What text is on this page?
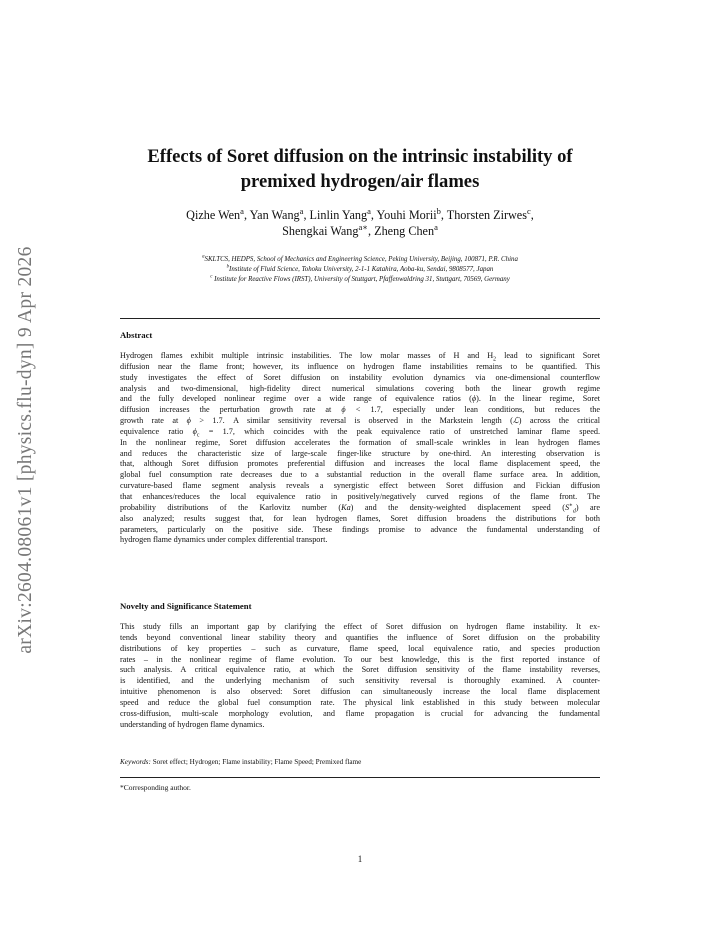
arXiv:2604.08061v1 [physics.flu-dyn] 9 Apr 2026
Effects of Soret diffusion on the intrinsic instability of
premixed hydrogen/air flames
Qizhe Wen$^a$, Yan Wang$^a$, Linlin Yang$^a$, Youhi Morii$^b$, Thorsten Zirwes$^c$,
Shengkai Wang$^{a∗}$, Zheng Chen$^a$
$^a$SKLTCS, HEDPS, School of Mechanics and Engineering Science, Peking University, Beijing, 100871, P.R. China
$^b$Institute of Fluid Science, Tohoku University, 2-1-1 Katahira, Aoba-ku, Sendai, 9808577, Japan
$^c$ Institute for Reactive Flows (IRST), University of Stuttgart, Pfaffenwaldring 31, Stuttgart, 70569, Germany
Abstract
Hydrogen flames exhibit multiple intrinsic instabilities. The low molar masses of H and $H_2$ lead to significant Soret
diffusion near the flame front; however, its influence on hydrogen flame instabilities remains to be quantified. This
study investigates the effect of Soret diffusion on instability evolution dynamics via one-dimensional counterflow
analysis and two-dimensional, high-fidelity direct numerical simulations covering both the linear growth regime
and the fully developed nonlinear regime over a wide range of equivalence ratios (ϕ). In the linear regime, Soret
diffusion increases the perturbation growth rate at ϕ < 1.7, especially under lean conditions, but reduces the
growth rate at ϕ > 1.7. A similar sensitivity reversal is observed in the Markstein length (ℒ) across the critical
equivalence ratio $\phi_c = 1.7$, which coincides with the peak equivalence ratio of unstretched laminar flame speed.
In the nonlinear regime, Soret diffusion accelerates the formation of small-scale wrinkles in lean hydrogen flames
and reduces the characteristic size of large-scale finger-like structure by one-third. An interesting observation is
that, although Soret diffusion promotes preferential diffusion and increases the local flame displacement speed, the
global fuel consumption rate decreases due to a substantial reduction in the overall flame surface area. In addition,
curvature-based flame segment analysis reveals a synergistic effect between Soret diffusion and Fickian diffusion
that enhances/reduces the local equivalence ratio in positively/negatively curved regions of the flame front. The
probability distributions of the Karlovitz number (Ka) and the density-weighted displacement speed $(S^∗_d)$ are
also analyzed; results suggest that, for lean hydrogen flames, Soret diffusion broadens the distributions for both
parameters, particularly on the positive side. These findings promise to advance the fundamental understanding of
hydrogen flame dynamics under complex differential transport.
Novelty and Significance Statement
This study fills an important gap by clarifying the effect of Soret diffusion on hydrogen flame instability. It ex-
tends beyond conventional linear stability theory and quantifies the influence of Soret diffusion on the probability
distributions of key properties – such as curvature, flame speed, local equivalence ratio, and species production
rates – in the nonlinear regime of flame evolution. To our best knowledge, this is the first reported instance of
such analysis. A critical equivalence ratio, at which the Soret diffusion sensitivity of the flame instability reverses,
is identified, and the underlying mechanism of such sensitivity reversal is thoroughly examined. A counter-
intuitive phenomenon is also observed: Soret diffusion can simultaneously increase the local flame displacement
speed and reduce the global fuel consumption rate. The physical link established in this study between molecular
cross-diffusion, multi-scale morphology evolution, and flame propagation is crucial for advancing the fundamental
understanding of hydrogen flame dynamics.
Keywords: Soret effect; Hydrogen; Flame instability; Flame Speed; Premixed flame
*Corresponding author.
1
